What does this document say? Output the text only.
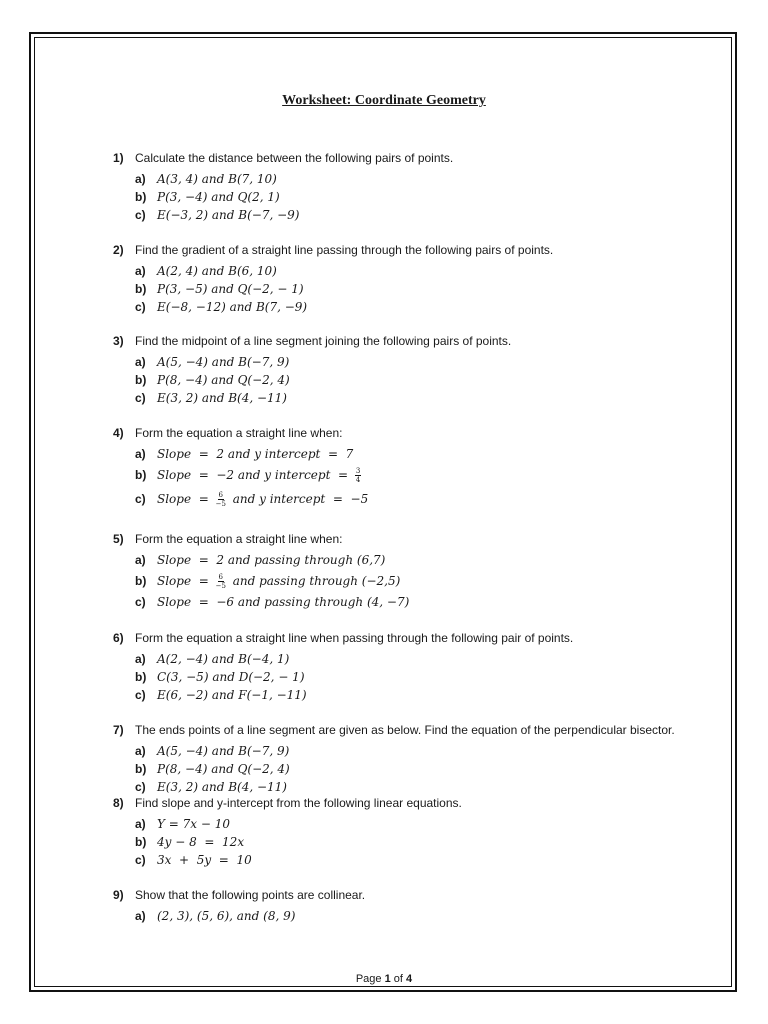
Worksheet: Coordinate Geometry
1) Calculate the distance between the following pairs of points.
a) A(3, 4) and B(7, 10)
b) P(3, −4) and Q(2, 1)
c) E(−3, 2) and B(−7, −9)
2) Find the gradient of a straight line passing through the following pairs of points.
a) A(2, 4) and B(6, 10)
b) P(3, −5) and Q(−2, − 1)
c) E(−8, −12) and B(7, −9)
3) Find the midpoint of a line segment joining the following pairs of points.
a) A(5, −4) and B(−7, 9)
b) P(8, −4) and Q(−2, 4)
c) E(3, 2) and B(4, −11)
4) Form the equation a straight line when:
a) Slope  =  2 and y intercept  =  7
b) Slope  =  −2 and y intercept  = $\frac{3}{4}$
c) Slope  = $\frac{6}{-5}$ and y intercept  =  −5
5) Form the equation a straight line when:
a) Slope  =  2 and passing through (6,7)
b) Slope  = $\frac{6}{-5}$ and passing through (−2,5)
c) Slope  =  −6 and passing through (4, −7)
6) Form the equation a straight line when passing through the following pair of points.
a) A(2, −4) and B(−4, 1)
b) C(3, −5) and D(−2, − 1)
c) E(6, −2) and F(−1, −11)
7) The ends points of a line segment are given as below. Find the equation of the perpendicular bisector.
a) A(5, −4) and B(−7, 9)
b) P(8, −4) and Q(−2, 4)
c) E(3, 2) and B(4, −11)
8) Find slope and y-intercept from the following linear equations.
a) Y = 7x − 10
b) 4y − 8  =  12x
c) 3x  +  5y  =  10
9) Show that the following points are collinear.
a) (2, 3), (5, 6), and (8, 9)
Page 1 of 4
